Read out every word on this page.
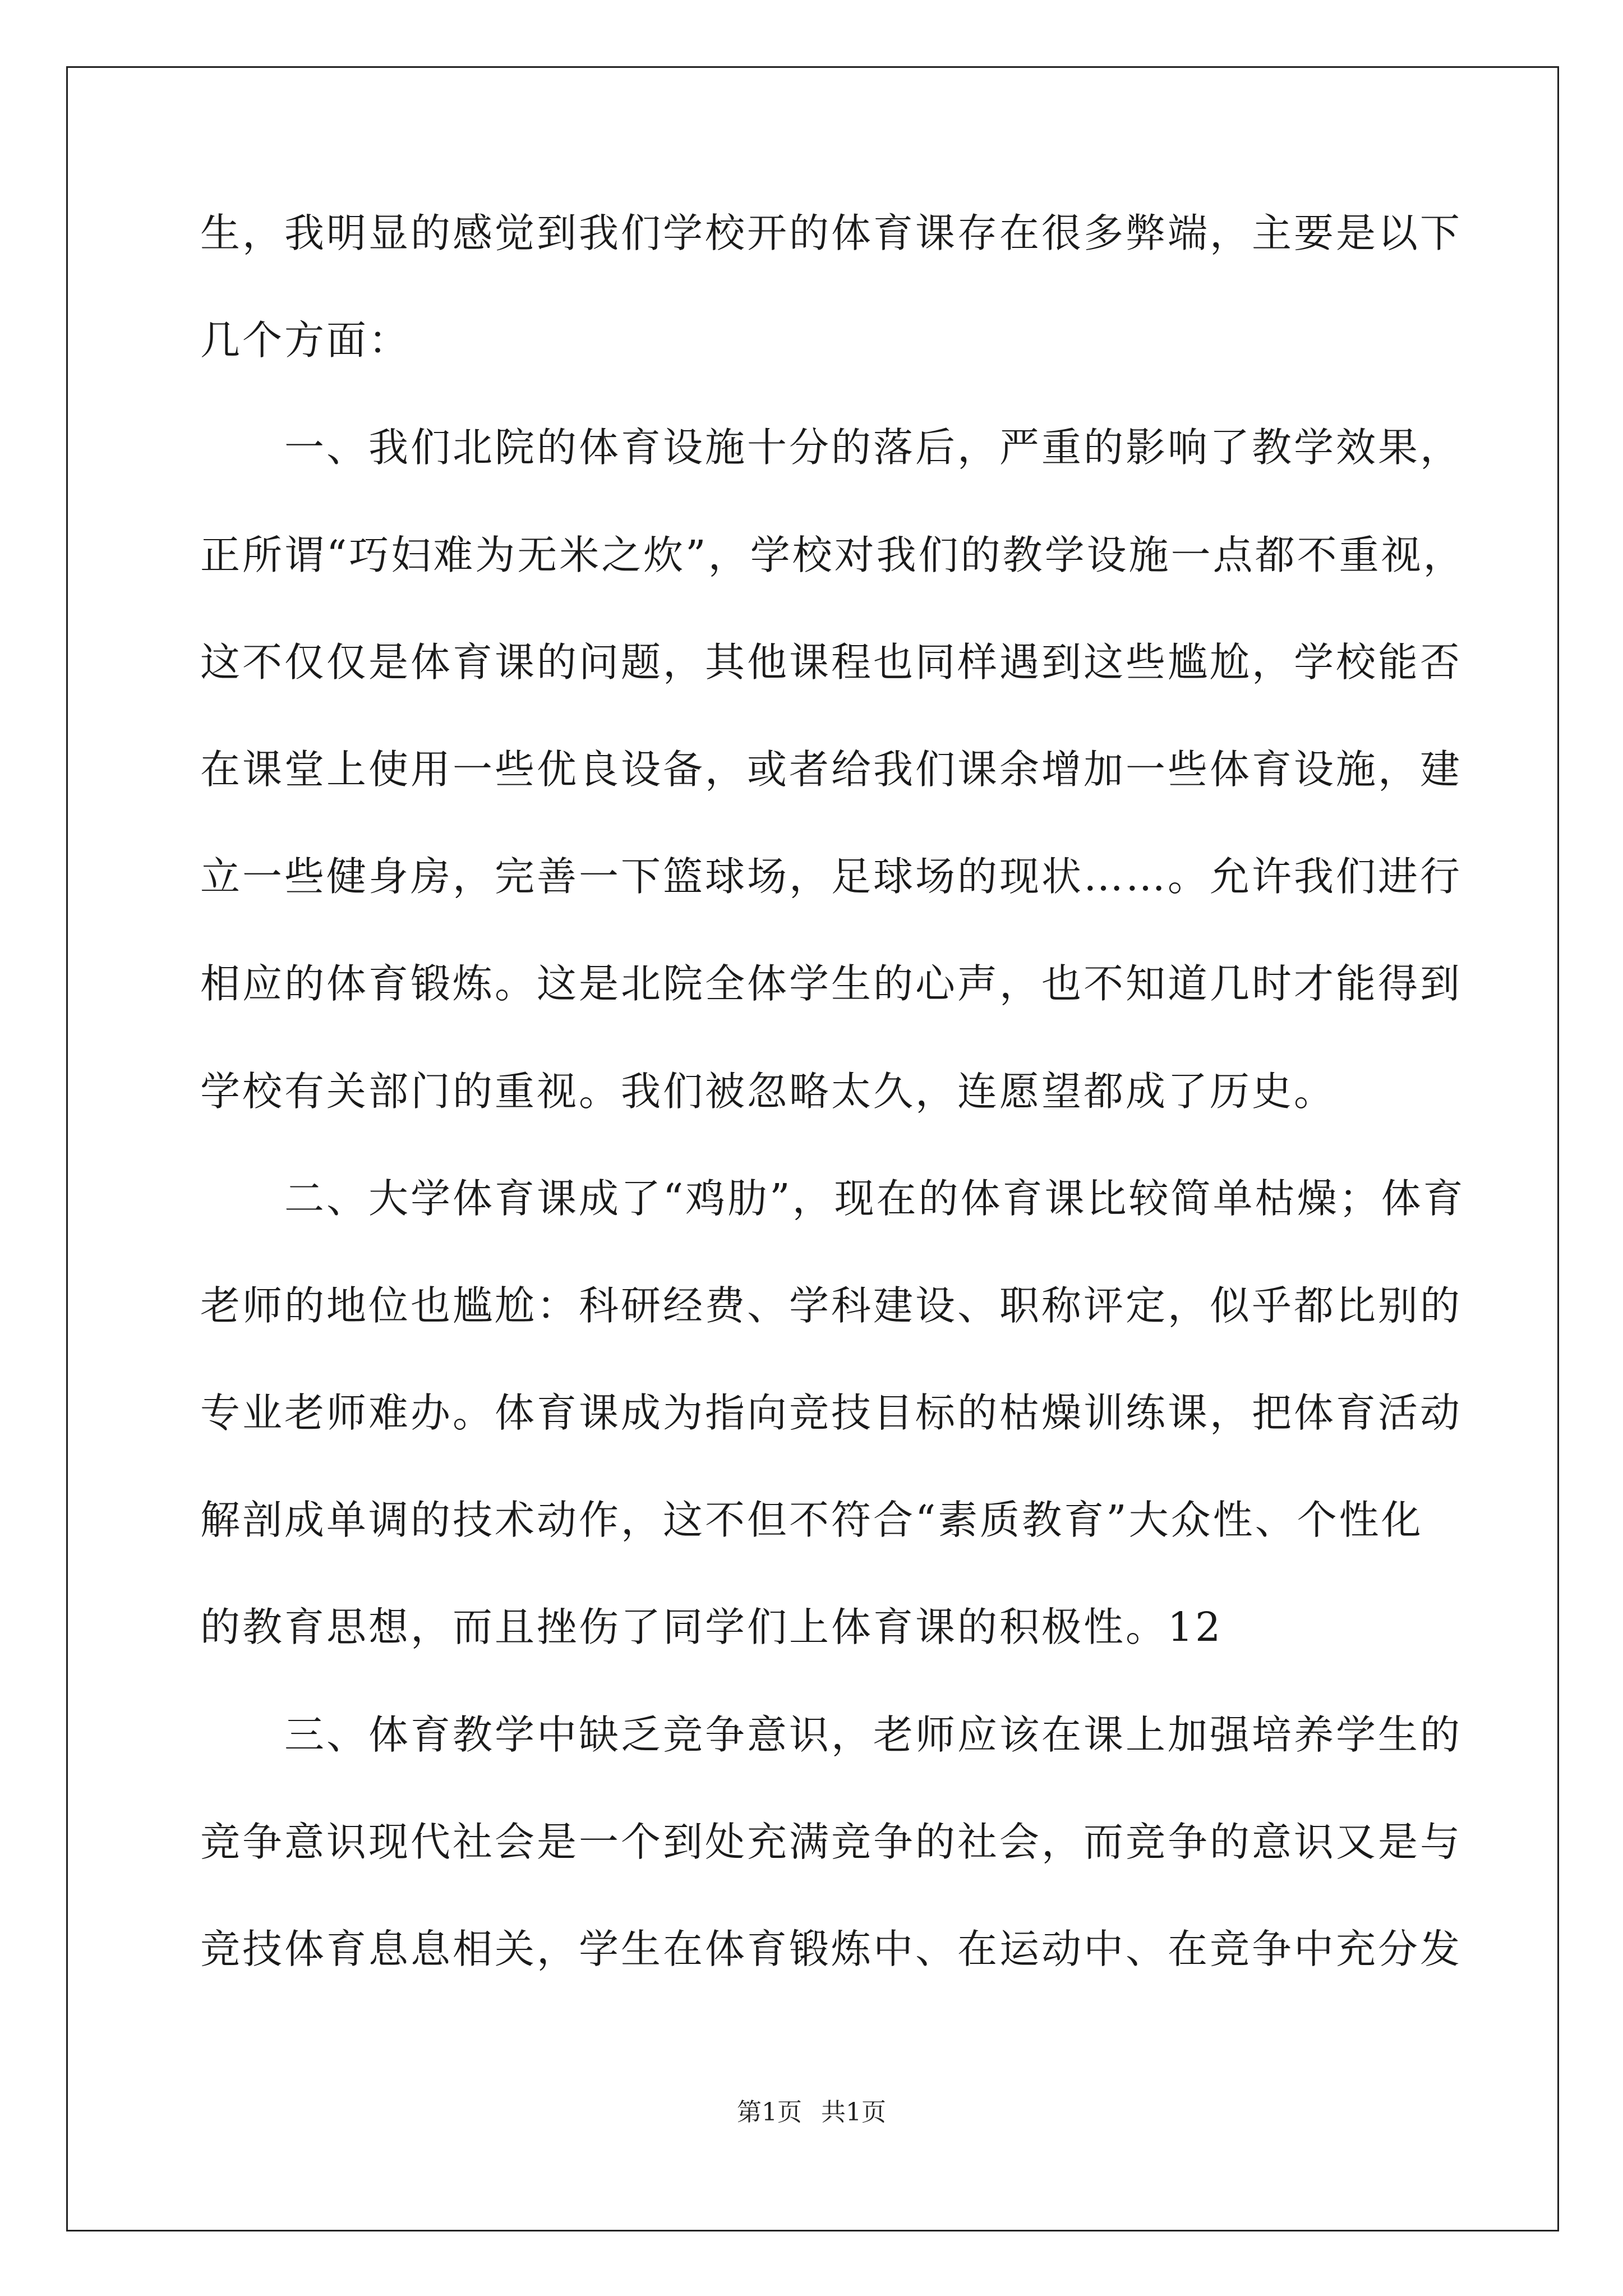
生，我明显的感觉到我们学校开的体育课存在很多弊端，主要是以下
几个方面：
　　一、我们北院的体育设施十分的落后，严重的影响了教学效果，
正所谓“巧妇难为无米之炊”，学校对我们的教学设施一点都不重视，
这不仅仅是体育课的问题，其他课程也同样遇到这些尴尬，学校能否
在课堂上使用一些优良设备，或者给我们课余增加一些体育设施，建
立一些健身房，完善一下篮球场，足球场的现状……。允许我们进行
相应的体育锻炼。这是北院全体学生的心声，也不知道几时才能得到
学校有关部门的重视。我们被忽略太久，连愿望都成了历史。
　　二、大学体育课成了“鸡肋”，现在的体育课比较简单枯燥；体育
老师的地位也尴尬：科研经费、学科建设、职称评定，似乎都比别的
专业老师难办。体育课成为指向竞技目标的枯燥训练课，把体育活动
解剖成单调的技术动作，这不但不符合“素质教育”大众性、个性化
的教育思想，而且挫伤了同学们上体育课的积极性。12
　　三、体育教学中缺乏竞争意识，老师应该在课上加强培养学生的
竞争意识现代社会是一个到处充满竞争的社会，而竞争的意识又是与
竞技体育息息相关，学生在体育锻炼中、在运动中、在竞争中充分发
第1页 共1页
